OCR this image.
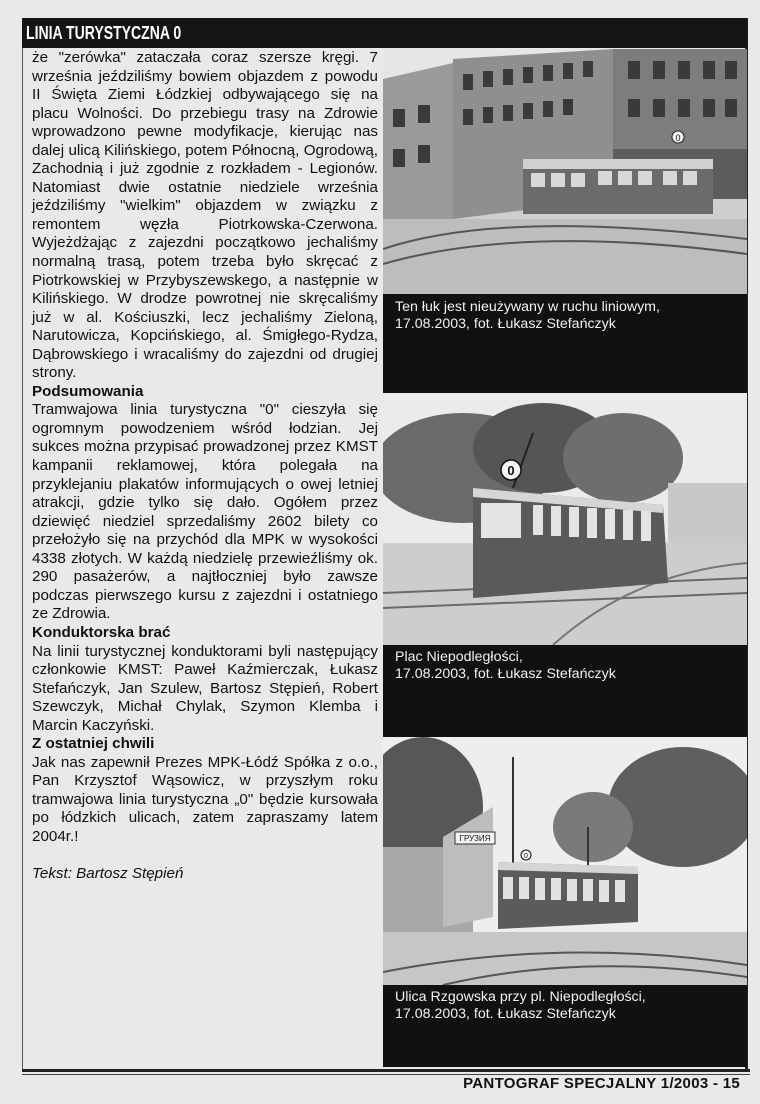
LINIA TURYSTYCZNA 0

że "zerówka" zataczała coraz szersze kręgi. 7 września jeździliśmy bowiem objazdem z powodu II Święta Ziemi Łódzkiej odbywającego się na placu Wolności. Do przebiegu trasy na Zdrowie wprowadzono pewne modyfikacje, kierując nas dalej ulicą Kilińskiego, potem Północną, Ogrodową, Zachodnią i już zgodnie z rozkładem - Legionów. Natomiast dwie ostatnie niedziele września jeździliśmy "wielkim" objazdem w związku z remontem węzła Piotrkowska-Czerwona. Wyjeżdżając z zajezdni początkowo jechaliśmy normalną trasą, potem trzeba było skręcać z Piotrkowskiej w Przybyszewskego, a następnie w Kilińskiego. W drodze powrotnej nie skręcaliśmy już w al. Kościuszki, lecz jechaliśmy Zieloną, Narutowicza, Kopcińskiego, al. Śmigłego-Rydza, Dąbrowskiego i wracaliśmy do zajezdni od drugiej strony.

Podsumowania

Tramwajowa linia turystyczna "0" cieszyła się ogromnym powodzeniem wśród łodzian. Jej sukces można przypisać prowadzonej przez KMST kampanii reklamowej, która polegała na przyklejaniu plakatów informujących o owej letniej atrakcji, gdzie tylko się dało. Ogółem przez dziewięć niedziel sprzedaliśmy 2602 bilety co przełożyło się na przychód dla MPK w wysokości 4338 złotych. W każdą niedzielę przewieźliśmy ok. 290 pasażerów, a najtłoczniej było zawsze podczas pierwszego kursu z zajezdni i ostatniego ze Zdrowia.

Konduktorska brać

Na linii turystycznej konduktorami byli następujący członkowie KMST: Paweł Kaźmierczak, Łukasz Stefańczyk, Jan Szulew, Bartosz Stępień, Robert Szewczyk, Michał Chylak, Szymon Klemba i Marcin Kaczyński.

Z ostatniej chwili

Jak nas zapewnił Prezes MPK-Łódź Spółka z o.o., Pan Krzysztof Wąsowicz, w przyszłym roku tramwajowa linia turystyczna „0" będzie kursowała po łódzkich ulicach, zatem zapraszamy latem 2004r.!

Tekst: Bartosz Stępień

0
Ten łuk jest nieużywany w ruchu liniowym,
17.08.2003, fot. Łukasz Stefańczyk
0
Plac Niepodległości,
17.08.2003, fot. Łukasz Stefańczyk
ГРУЗИЯ
0
Ulica Rzgowska przy pl. Niepodległości,
17.08.2003, fot. Łukasz Stefańczyk
PANTOGRAF SPECJALNY 1/2003 - 15
